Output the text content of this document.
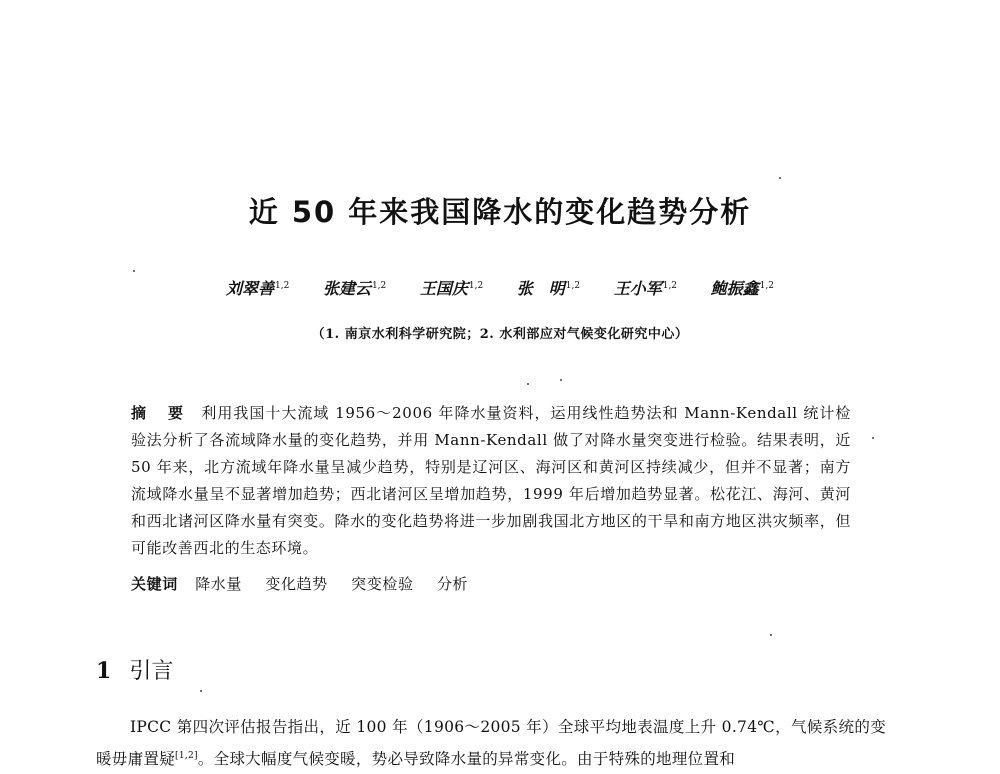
近 50 年来我国降水的变化趋势分析
刘翠善$^{1,2}$ 张建云$^{1,2}$ 王国庆$^{1,2}$ 张　明$^{1,2}$ 王小军$^{1,2}$ 鲍振鑫$^{1,2}$
（1. 南京水利科学研究院；2. 水利部应对气候变化研究中心）

摘 要 利用我国十大流域 1956～2006 年降水量资料，运用线性趋势法和 Mann-Kendall 统计检验法分析了各流域降水量的变化趋势，并用 Mann-Kendall 做了对降水量突变进行检验。结果表明，近 50 年来，北方流域年降水量呈减少趋势，特别是辽河区、海河区和黄河区持续减少，但并不显著；南方流域降水量呈不显著增加趋势；西北诸河区呈增加趋势，1999 年后增加趋势显著。松花江、海河、黄河和西北诸河区降水量有突变。降水的变化趋势将进一步加剧我国北方地区的干旱和南方地区洪灾频率，但可能改善西北的生态环境。

关键词 降水量 变化趋势 突变检验 分析
1 引言

IPCC 第四次评估报告指出，近 100 年（1906～2005 年）全球平均地表温度上升 0.74℃，气候系统的变暖毋庸置疑[1,2]。全球大幅度气候变暖，势必导致降水量的异常变化。由于特殊的地理位置和
